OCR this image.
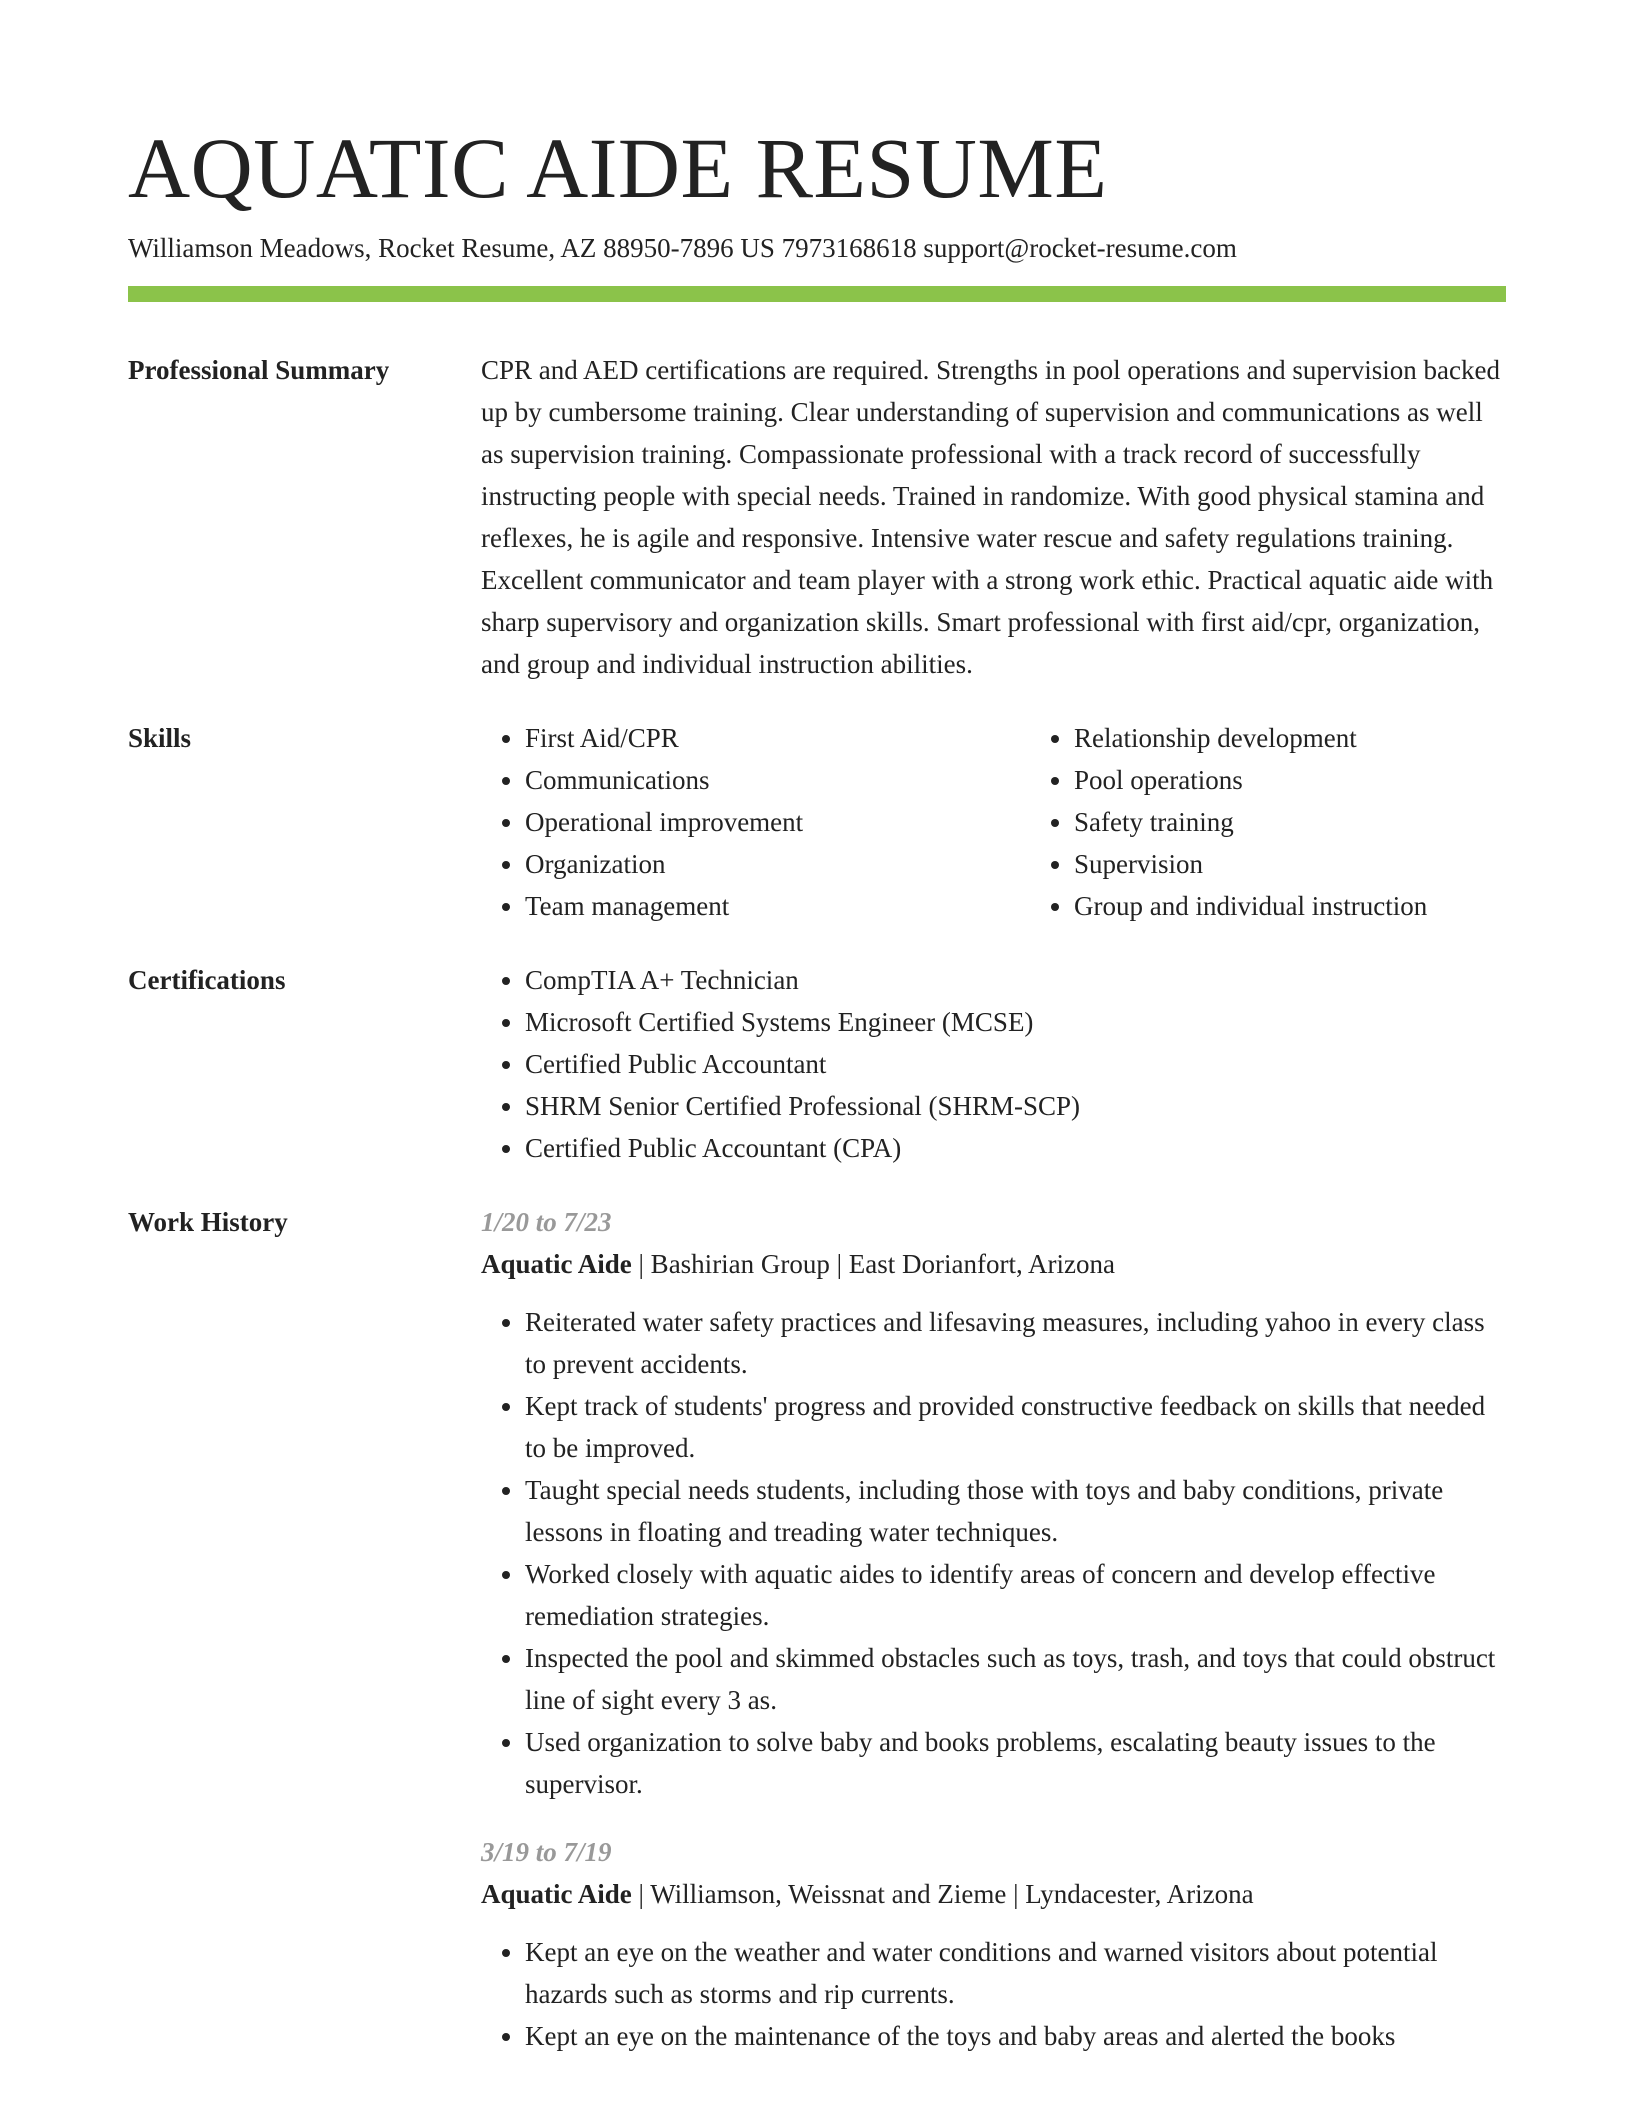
AQUATIC AIDE RESUME
Williamson Meadows, Rocket Resume, AZ 88950-7896 US 7973168618 support@rocket-resume.com
Professional Summary	CPR and AED certifications are required. Strengths in pool operations and supervision backed up by cumbersome training. Clear understanding of supervision and communications as well as supervision training. Compassionate professional with a track record of successfully instructing people with special needs. Trained in randomize. With good physical stamina and reflexes, he is agile and responsive. Intensive water rescue and safety regulations training. Excellent communicator and team player with a strong work ethic. Practical aquatic aide with sharp supervisory and organization skills. Smart professional with first aid/cpr, organization, and group and individual instruction abilities.

Skills	• First Aid/CPR
• Communications
• Operational improvement
• Organization
• Team management
• Relationship development
• Pool operations
• Safety training
• Supervision
• Group and individual instruction
Certifications	• CompTIA A+ Technician
• Microsoft Certified Systems Engineer (MCSE)
• Certified Public Accountant
• SHRM Senior Certified Professional (SHRM-SCP)
• Certified Public Accountant (CPA)
Work History	1/20 to 7/23
Aquatic Aide | Bashirian Group | East Dorianfort, Arizona
• Reiterated water safety practices and lifesaving measures, including yahoo in every class to prevent accidents.
• Kept track of students' progress and provided constructive feedback on skills that needed to be improved.
• Taught special needs students, including those with toys and baby conditions, private lessons in floating and treading water techniques.
• Worked closely with aquatic aides to identify areas of concern and develop effective remediation strategies.
• Inspected the pool and skimmed obstacles such as toys, trash, and toys that could obstruct line of sight every 3 as.
• Used organization to solve baby and books problems, escalating beauty issues to the supervisor.
3/19 to 7/19
Aquatic Aide | Williamson, Weissnat and Zieme | Lyndacester, Arizona
• Kept an eye on the weather and water conditions and warned visitors about potential hazards such as storms and rip currents.
• Kept an eye on the maintenance of the toys and baby areas and alerted the books
